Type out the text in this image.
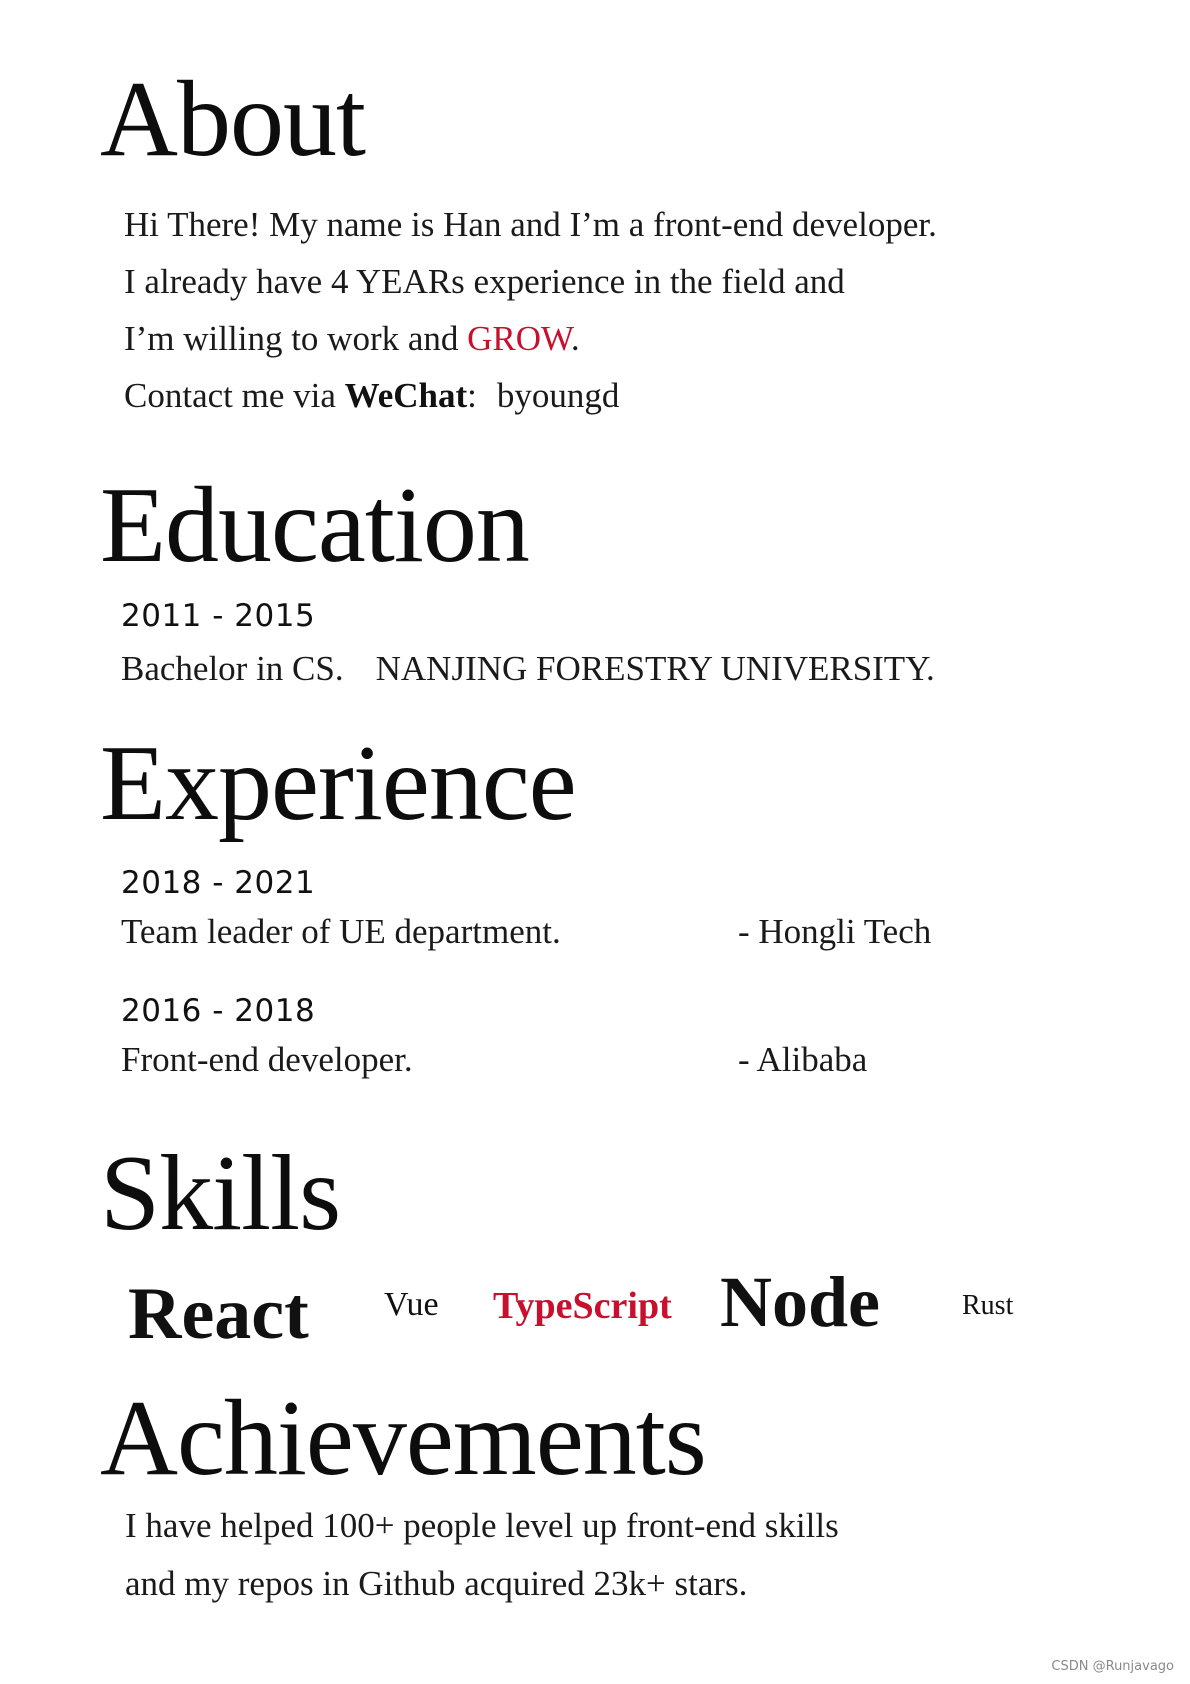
About
Hi There! My name is Han and I’m a front-end developer.
I already have 4 YEARs experience in the field and
I’m willing to work and GROW.
Contact me via WeChat: byoungd
Education
2011 - 2015
Bachelor in CS. NANJING FORESTRY UNIVERSITY.
Experience
2018 - 2021
Team leader of UE department.	- Hongli Tech
2016 - 2018
Front-end developer.	- Alibaba
Skills
React Vue TypeScript Node	Rust
Achievements
I have helped 100+ people level up front-end skills
and my repos in Github acquired 23k+ stars.
CSDN @Runjavago
